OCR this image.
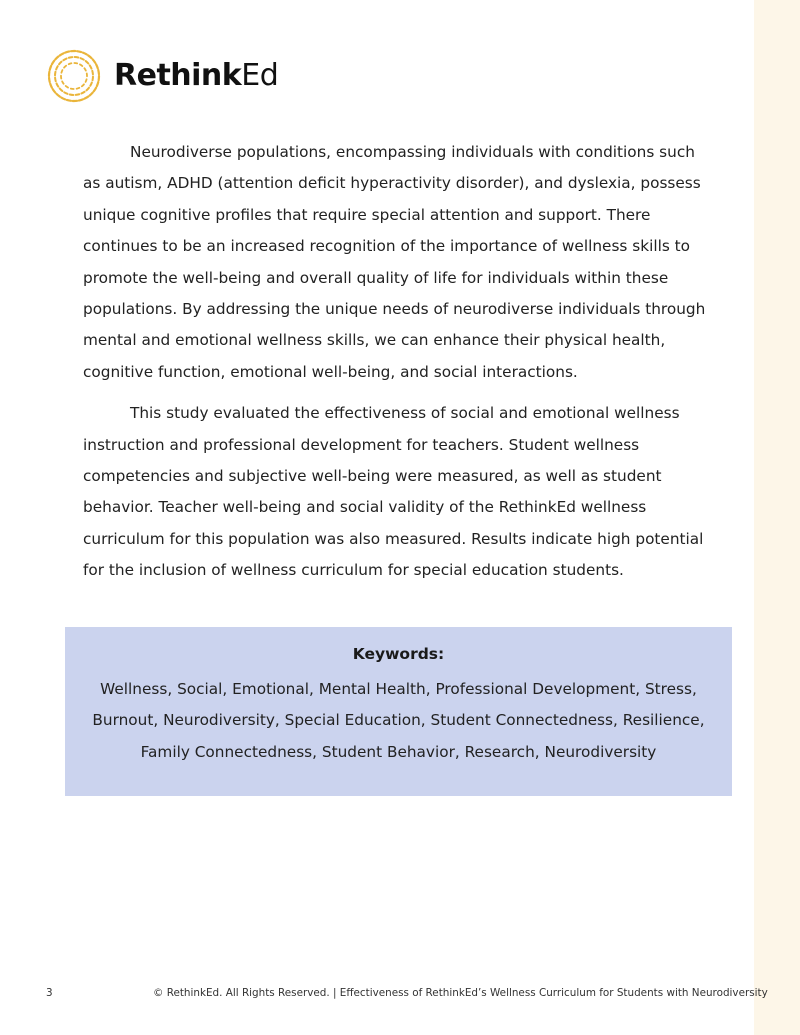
RethinkEd

Neurodiverse populations, encompassing individuals with conditions such as autism, ADHD (attention deficit hyperactivity disorder), and dyslexia, possess unique cognitive profiles that require special attention and support. There continues to be an increased recognition of the importance of wellness skills to promote the well-being and overall quality of life for individuals within these populations. By addressing the unique needs of neurodiverse individuals through mental and emotional wellness skills, we can enhance their physical health, cognitive function, emotional well-being, and social interactions.

This study evaluated the effectiveness of social and emotional wellness instruction and professional development for teachers. Student wellness competencies and subjective well-being were measured, as well as student behavior. Teacher well-being and social validity of the RethinkEd wellness curriculum for this population was also measured. Results indicate high potential for the inclusion of wellness curriculum for special education students.

Keywords:

Wellness, Social, Emotional, Mental Health, Professional Development, Stress, Burnout, Neurodiversity, Special Education, Student Connectedness, Resilience, Family Connectedness, Student Behavior, Research, Neurodiversity

3	© RethinkEd. All Rights Reserved. | Effectiveness of RethinkEd’s Wellness Curriculum for Students with Neurodiversity
